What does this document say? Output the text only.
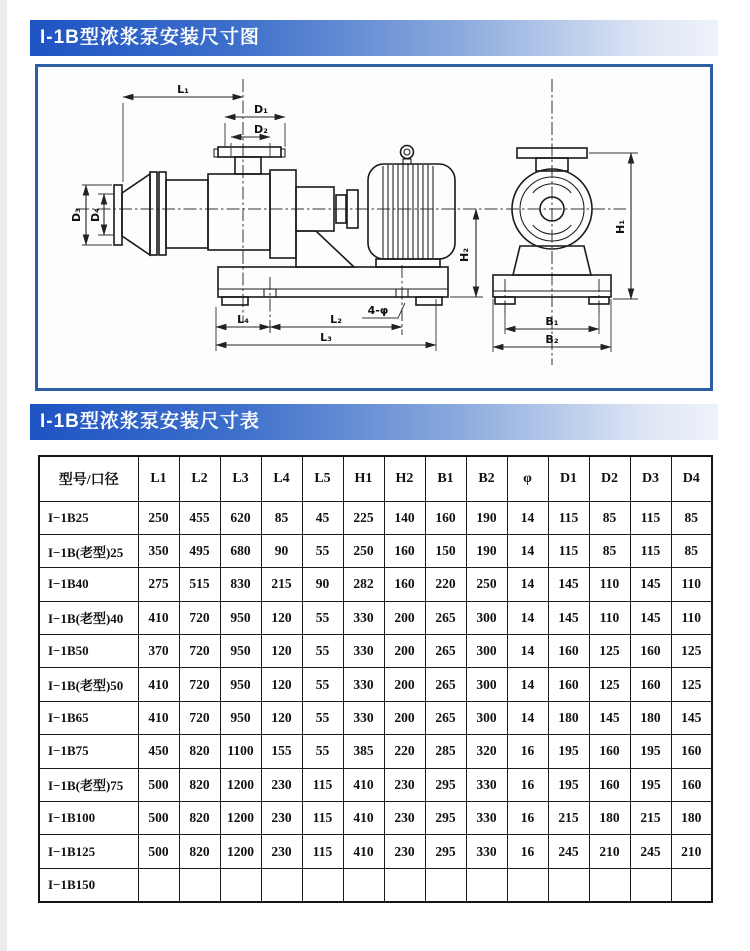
I-1B型浓浆泵安装尺寸图
L₁
D₁
D₂
D₃ D₄
L₄	L₂
L₃
H₂
H₁
B₁
B₂
4-φ
I-1B型浓浆泵安装尺寸表
型号/口径	L1	L2	L3	L4	L5	H1	H2	B1	B2	φ	D1	D2	D3	D4
I−1B25	250	455	620	85	45	225	140	160	190	14	115	85	115	85
I−1B(老型)25	350	495	680	90	55	250	160	150	190	14	115	85	115	85
I−1B40	275	515	830	215	90	282	160	220	250	14	145	110	145	110
I−1B(老型)40	410	720	950	120	55	330	200	265	300	14	145	110	145	110
I−1B50	370	720	950	120	55	330	200	265	300	14	160	125	160	125
I−1B(老型)50	410	720	950	120	55	330	200	265	300	14	160	125	160	125
I−1B65	410	720	950	120	55	330	200	265	300	14	180	145	180	145
I−1B75	450	820	1100	155	55	385	220	285	320	16	195	160	195	160
I−1B(老型)75	500	820	1200	230	115	410	230	295	330	16	195	160	195	160
I−1B100	500	820	1200	230	115	410	230	295	330	16	215	180	215	180
I−1B125	500	820	1200	230	115	410	230	295	330	16	245	210	245	210
I−1B150														
